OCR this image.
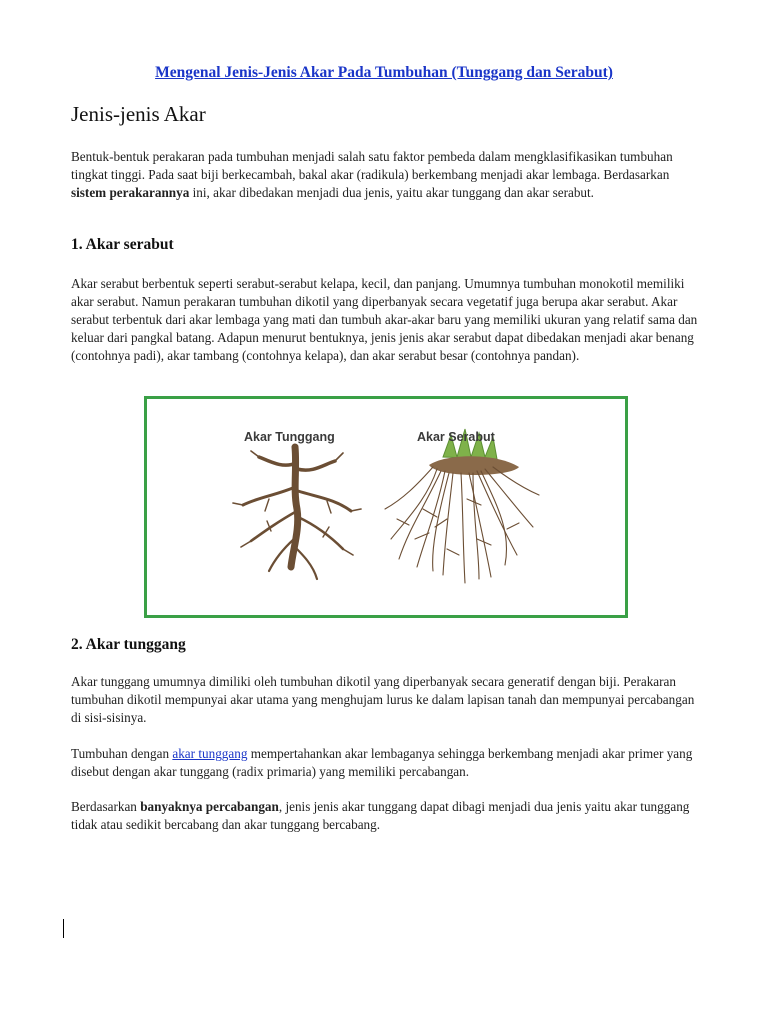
Mengenal Jenis-Jenis Akar Pada Tumbuhan (Tunggang dan Serabut)
Jenis-jenis Akar

Bentuk-bentuk perakaran pada tumbuhan menjadi salah satu faktor pembeda dalam mengklasifikasikan tumbuhan tingkat tinggi. Pada saat biji berkecambah, bakal akar (radikula) berkembang menjadi akar lembaga. Berdasarkan sistem perakarannya ini, akar dibedakan menjadi dua jenis, yaitu akar tunggang dan akar serabut.

1. Akar serabut

Akar serabut berbentuk seperti serabut-serabut kelapa, kecil, dan panjang. Umumnya tumbuhan monokotil memiliki akar serabut. Namun perakaran tumbuhan dikotil yang diperbanyak secara vegetatif juga berupa akar serabut. Akar serabut terbentuk dari akar lembaga yang mati dan tumbuh akar-akar baru yang memiliki ukuran yang relatif sama dan keluar dari pangkal batang. Adapun menurut bentuknya, jenis jenis akar serabut dapat dibedakan menjadi akar benang (contohnya padi), akar tambang (contohnya kelapa), dan akar serabut besar (contohnya pandan).

Akar Tunggang	Akar Serabut
2. Akar tunggang

Akar tunggang umumnya dimiliki oleh tumbuhan dikotil yang diperbanyak secara generatif dengan biji. Perakaran tumbuhan dikotil mempunyai akar utama yang menghujam lurus ke dalam lapisan tanah dan mempunyai percabangan di sisi-sisinya.

Tumbuhan dengan akar tunggang mempertahankan akar lembaganya sehingga berkembang menjadi akar primer yang disebut dengan akar tunggang (radix primaria) yang memiliki percabangan.

Berdasarkan banyaknya percabangan, jenis jenis akar tunggang dapat dibagi menjadi dua jenis yaitu akar tunggang tidak atau sedikit bercabang dan akar tunggang bercabang.
